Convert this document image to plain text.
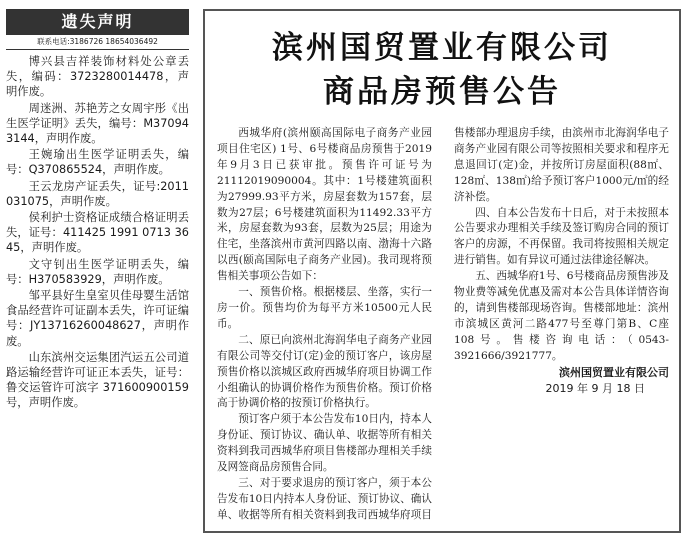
遗失声明
联系电话:3186726 18654036492
博兴县吉祥装饰材料处公章丢失，编码：3723280014478，声明作废。
周迷洲、苏艳芳之女周宇彤《出生医学证明》丢失，编号：M370943144，声明作废。
王婉瑜出生医学证明丢失，编号：Q370865524，声明作废。
王云龙房产证丢失，证号:2011031075，声明作废。
侯利护士资格证成绩合格证明丢失，证号：411425 1991 0713 3645，声明作废。
文守钊出生医学证明丢失，编号：H370583929，声明作废。
邹平县好生皇室贝佳母婴生活馆食品经营许可证副本丢失，许可证编号：JY13716260048627，声明作废。
山东滨州交运集团汽运五公司道路运输经营许可证正本丢失，证号：鲁交运管许可滨字 371600900159 号，声明作废。
滨州国贸置业有限公司
商品房预售公告

西城华府(滨州颐高国际电子商务产业园项目住宅区) 1号、6号楼商品房预售于2019年9月3日已获审批。预售许可证号为 21112019090004。其中：1号楼建筑面积为27999.93平方米，房屋套数为157套，层数为27层；6号楼建筑面积为11492.33平方米，房屋套数为93套，层数为25层；用途为住宅，坐落滨州市黄河四路以南、渤海十六路以西(颐高国际电子商务产业园)。我司现将预售相关事项公告如下：

一、预售价格。根据楼层、坐落，实行一房一价。预售均价为每平方米10500元人民币。

二、原已向滨州北海润华电子商务产业园有限公司等交付订(定)金的预订客户，该房屋预售价格以滨城区政府西城华府项目协调工作小组确认的协调价格作为预售价格。预订价格高于协调价格的按预订价格执行。

预订客户须于本公告发布10日内，持本人身份证、预订协议、确认单、收据等所有相关资料到我司西城华府项目售楼部办理相关手续及网签商品房预售合同。

三、对于要求退房的预订客户，须于本公告发布10日内持本人身份证、预订协议、确认单、收据等所有相关资料到我司西城华府项目售楼部办理退房手续，由滨州市北海润华电子商务产业园有限公司等按照相关要求和程序无息退回订(定)金，并按所订房屋面积(88㎡、128㎡、138㎡)给予预订客户1000元/㎡的经济补偿。

四、自本公告发布十日后，对于未按照本公告要求办理相关手续及签订购房合同的预订客户的房源，不再保留。我司将按照相关规定进行销售。如有异议可通过法律途径解决。

五、西城华府1号、6号楼商品房预售涉及物业费等减免优惠及需对本公告具体详情咨询的，请到售楼部现场咨询。售楼部地址：滨州市滨城区黄河二路477号至尊门第B、C座108号。售楼咨询电话：（0543-3921666/3921777。

滨州国贸置业有限公司

2019 年 9 月 18 日
